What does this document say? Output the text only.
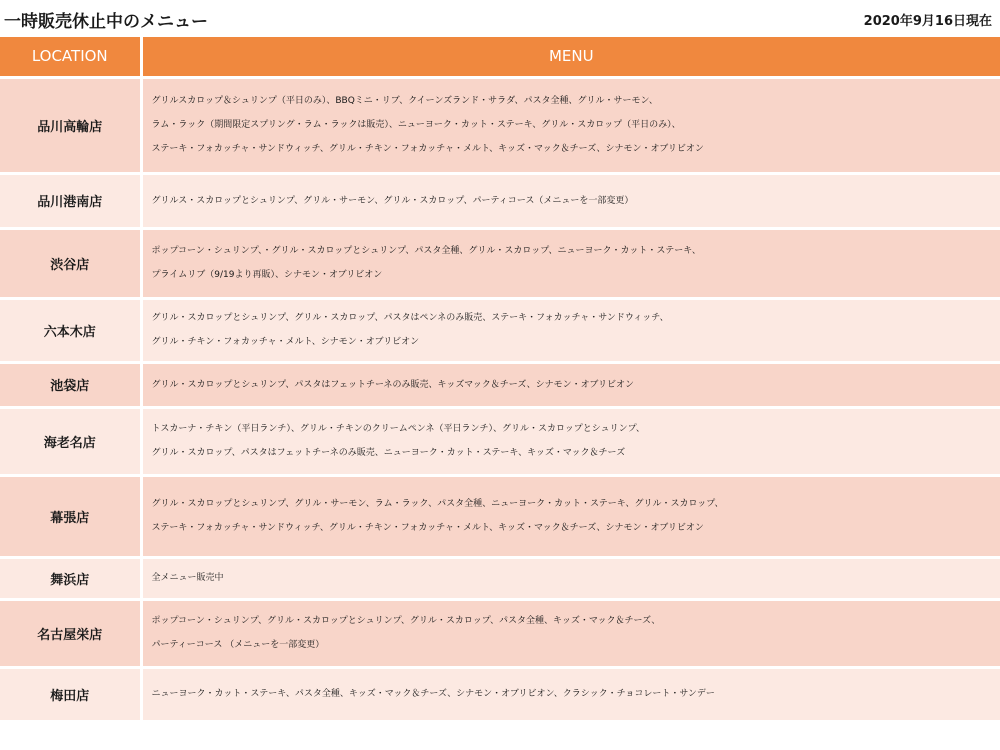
一時販売休止中のメニュー	2020年9月16日現在
LOCATION	MENU
品川高輪店	グリルスカロップ＆シュリンプ（平日のみ）、BBQミニ・リブ、クイーンズランド・サラダ、パスタ全種、グリル・サーモン、
ラム・ラック（期間限定スプリング・ラム・ラックは販売）、ニューヨーク・カット・ステーキ、グリル・スカロップ（平日のみ）、
ステーキ・フォカッチャ・サンドウィッチ、グリル・チキン・フォカッチャ・メルト、キッズ・マック＆チーズ、シナモン・オブリビオン

品川港南店	グリルス・スカロップとシュリンプ、グリル・サーモン、グリル・スカロップ、パーティコース（メニューを一部変更）

渋谷店	ポップコーン・シュリンプ、・グリル・スカロップとシュリンプ、パスタ全種、グリル・スカロップ、ニューヨーク・カット・ステーキ、
プライムリブ（9/19より再販）、シナモン・オブリビオン

六本木店	グリル・スカロップとシュリンプ、グリル・スカロップ、パスタはペンネのみ販売、ステーキ・フォカッチャ・サンドウィッチ、
グリル・チキン・フォカッチャ・メルト、シナモン・オブリビオン

池袋店	グリル・スカロップとシュリンプ、パスタはフェットチーネのみ販売、キッズマック＆チーズ、シナモン・オブリビオン

海老名店	トスカーナ・チキン（平日ランチ）、グリル・チキンのクリームペンネ（平日ランチ）、グリル・スカロップとシュリンプ、
グリル・スカロップ、パスタはフェットチーネのみ販売、ニューヨーク・カット・ステーキ、キッズ・マック＆チーズ

幕張店	グリル・スカロップとシュリンプ、グリル・サーモン、ラム・ラック、パスタ全種、ニューヨーク・カット・ステーキ、グリル・スカロップ、
ステーキ・フォカッチャ・サンドウィッチ、グリル・チキン・フォカッチャ・メルト、キッズ・マック＆チーズ、シナモン・オブリビオン

舞浜店	全メニュー販売中

名古屋栄店	ポップコーン・シュリンプ、グリル・スカロップとシュリンプ、グリル・スカロップ、パスタ全種、キッズ・マック＆チーズ、
パーティーコース （メニューを一部変更）

梅田店	ニューヨーク・カット・ステーキ、パスタ全種、キッズ・マック＆チーズ、シナモン・オブリビオン、クラシック・チョコレート・サンデー
